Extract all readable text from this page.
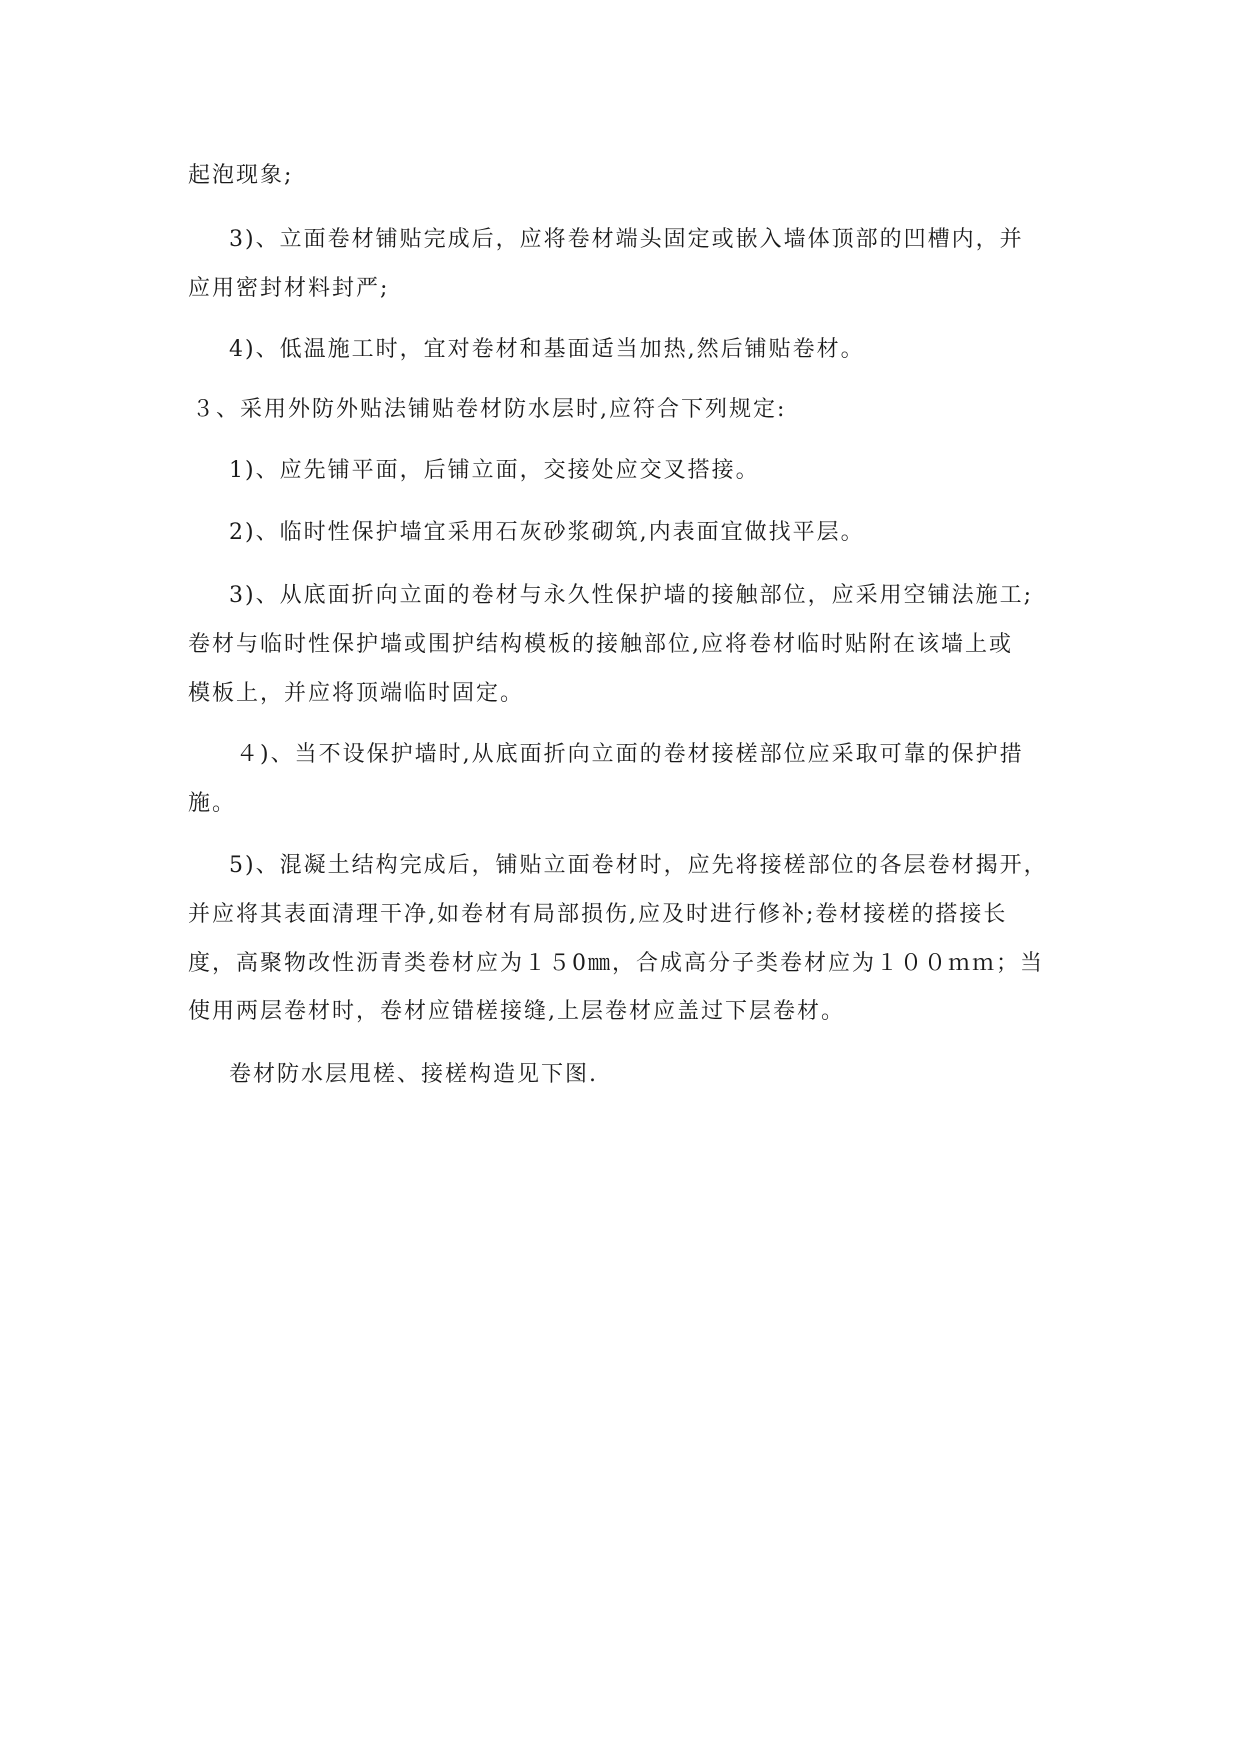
起泡现象;
3)、立面卷材铺贴完成后，应将卷材端头固定或嵌入墙体顶部的凹槽内，并
应用密封材料封严;
4)、低温施工时，宜对卷材和基面适当加热,然后铺贴卷材。
３、采用外防外贴法铺贴卷材防水层时,应符合下列规定:
1)、应先铺平面，后铺立面，交接处应交叉搭接。
2)、临时性保护墙宜采用石灰砂浆砌筑,内表面宜做找平层。
3)、从底面折向立面的卷材与永久性保护墙的接触部位，应采用空铺法施工;
卷材与临时性保护墙或围护结构模板的接触部位,应将卷材临时贴附在该墙上或
模板上，并应将顶端临时固定。
４)、当不设保护墙时,从底面折向立面的卷材接槎部位应采取可靠的保护措
施。
5)、混凝土结构完成后，铺贴立面卷材时，应先将接槎部位的各层卷材揭开，
并应将其表面清理干净,如卷材有局部损伤,应及时进行修补;卷材接槎的搭接长
度，高聚物改性沥青类卷材应为１５0㎜，合成高分子类卷材应为１００ｍｍ；当
使用两层卷材时，卷材应错槎接缝,上层卷材应盖过下层卷材。
卷材防水层甩槎、接槎构造见下图.
